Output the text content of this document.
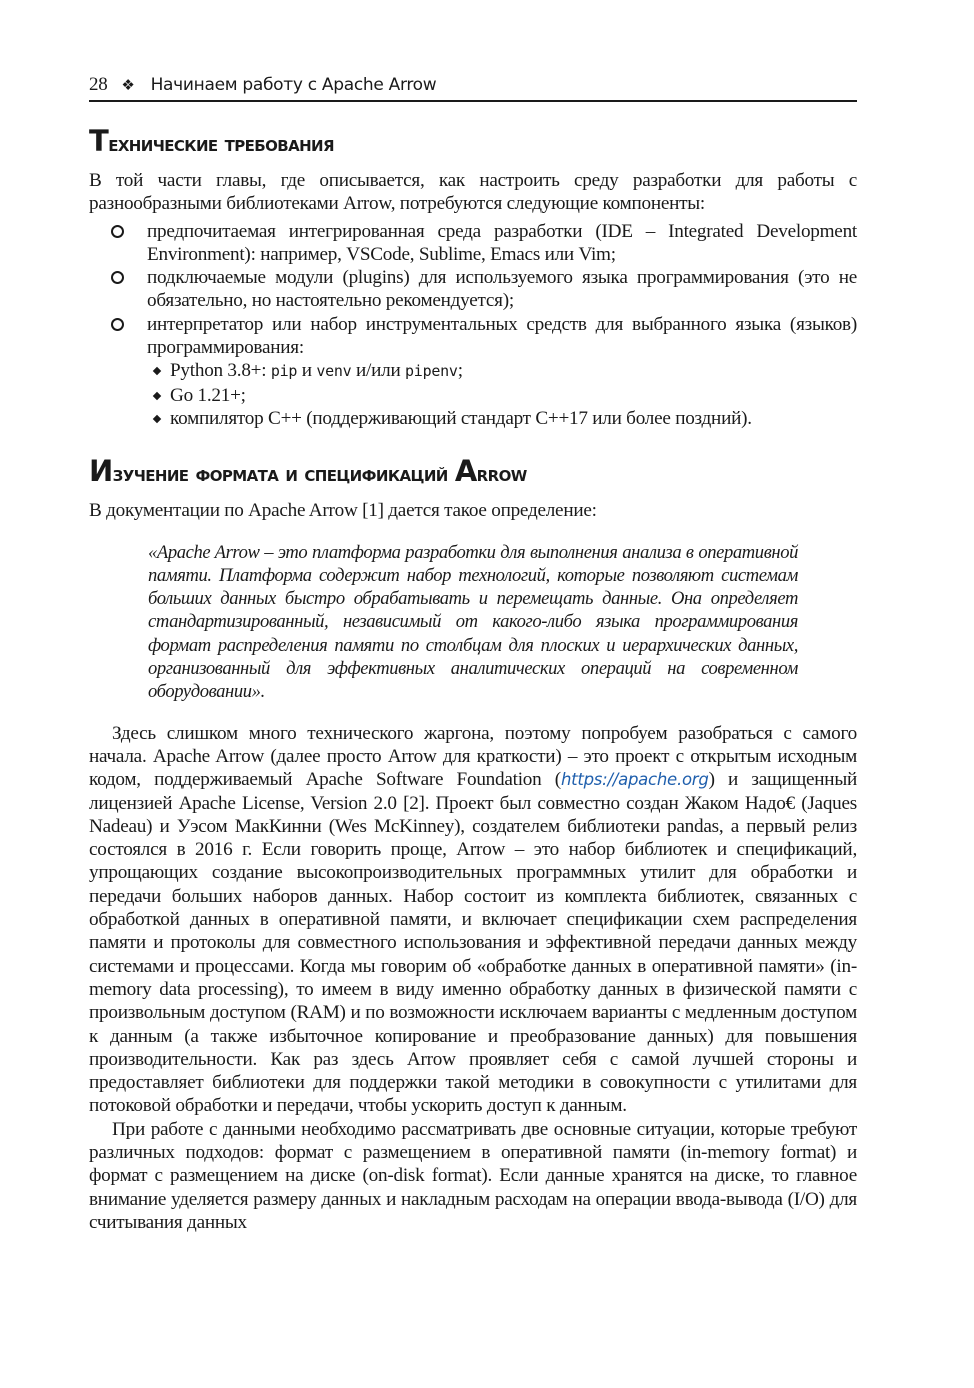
28 ❖ Начинаем работу с Apache Arrow
Технические требования

В той части главы, где описывается, как настроить среду разработки для работы с разнообразными библиотеками Arrow, потребуются следующие компоненты:

предпочитаемая интегрированная среда разработки (IDE – Integrated Development Environment): например, VSCode, Sublime, Emacs или Vim;
подключаемые модули (plugins) для используемого языка программирования (это не обязательно, но настоятельно рекомендуется);
интерпретатор или набор инструментальных средств для выбранного языка (языков) программирования:
Python 3.8+: pip и venv и/или pipenv;
Go 1.21+;
компилятор C++ (поддерживающий стандарт C++17 или более поздний).
Изучение формата и спецификаций Arrow

В документации по Apache Arrow [1] дается такое определение:

«Apache Arrow – это платформа разработки для выполнения анализа в оперативной памяти. Платформа содержит набор технологий, которые позволяют системам больших данных быстро обрабатывать и перемещать данные. Она определяет стандартизированный, независимый от какого-либо языка программирования формат распределения памяти по столбцам для плоских и иерархических данных, организованный для эффективных аналитических операций на современном оборудовании».

Здесь слишком много технического жаргона, поэтому попробуем разобраться с самого начала. Apache Arrow (далее просто Arrow для краткости) – это проект с открытым исходным кодом, поддерживаемый Apache Software Foundation (https://apache.org) и защищенный лицензией Apache License, Version 2.0 [2]. Проект был совместно создан Жаком Надо€ (Jaques Nadeau) и Уэсом МакКинни (Wes McKinney), создателем библиотеки pandas, а первый релиз состоялся в 2016 г. Если говорить проще, Arrow – это набор библиотек и спецификаций, упрощающих создание высокопроизводительных программных утилит для обработки и передачи больших наборов данных. Набор состоит из комплекта библиотек, связанных с обработкой данных в оперативной памяти, и включает спецификации схем распределения памяти и протоколы для совместного использования и эффективной передачи данных между системами и процессами. Когда мы говорим об «обработке данных в оперативной памяти» (in-memory data processing), то имеем в виду именно обработку данных в физической памяти с произвольным доступом (RAM) и по возможности исключаем варианты с медленным доступом к данным (а также избыточное копирование и преобразование данных) для повышения производительности. Как раз здесь Arrow проявляет себя с самой лучшей стороны и предоставляет библиотеки для поддержки такой методики в совокупности с утилитами для потоковой обработки и передачи, чтобы ускорить доступ к данным.

При работе с данными необходимо рассматривать две основные ситуации, которые требуют различных подходов: формат с размещением в оперативной памяти (in-memory format) и формат с размещением на диске (on-disk format). Если данные хранятся на диске, то главное внимание уделяется размеру данных и накладным расходам на операции ввода-вывода (I/O) для считывания данных
